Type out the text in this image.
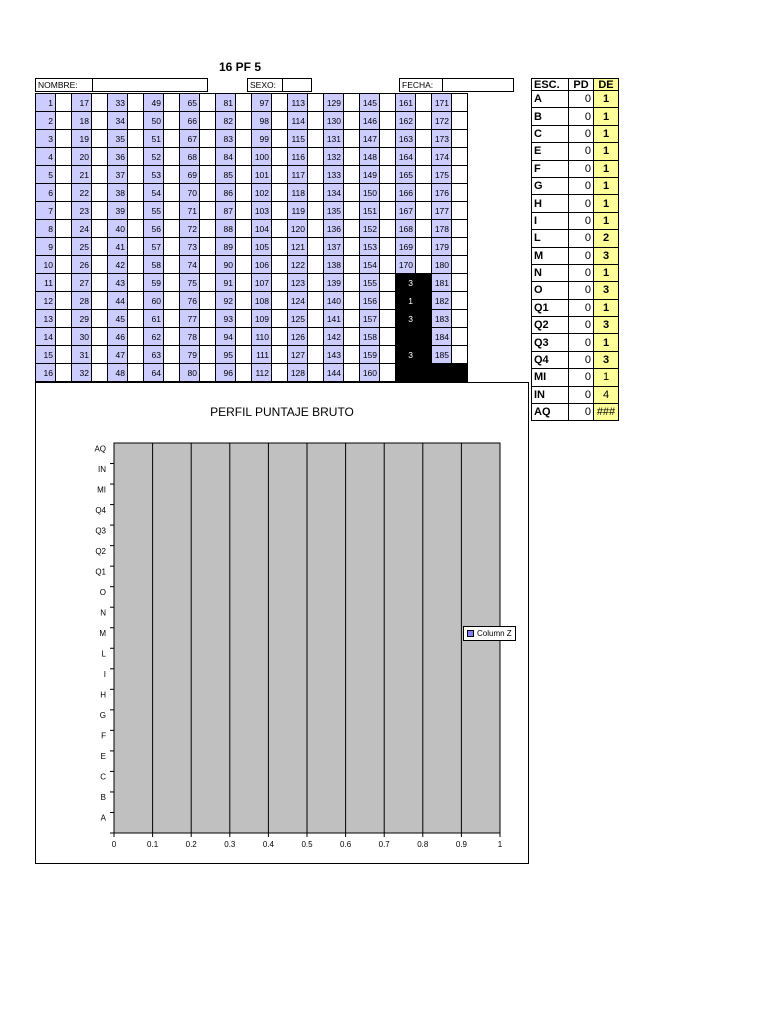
16 PF 5
NOMBRE:	SEXO:	FECHA:
1		17		33		49		65		81		97		113		129		145		161		171	
2		18		34		50		66		82		98		114		130		146		162		172	
3		19		35		51		67		83		99		115		131		147		163		173	
4		20		36		52		68		84		100		116		132		148		164		174	
5		21		37		53		69		85		101		117		133		149		165		175	
6		22		38		54		70		86		102		118		134		150		166		176	
7		23		39		55		71		87		103		119		135		151		167		177	
8		24		40		56		72		88		104		120		136		152		168		178	
9		25		41		57		73		89		105		121		137		153		169		179	
10		26		42		58		74		90		106		122		138		154		170		180	
11		27		43		59		75		91		107		123		139		155		3		181	
12		28		44		60		76		92		108		124		140		156		1		182	
13		29		45		61		77		93		109		125		141		157		3		183	
14		30		46		62		78		94		110		126		142		158				184	
15		31		47		63		79		95		111		127		143		159		3		185	
16		32		48		64		80		96		112		128		144		160					
ESC.	PD	DE
A	0	1
B	0	1
C	0	1
E	0	1
F	0	1
G	0	1
H	0	1
I	0	1
L	0	2
M	0	3
N	0	1
O	0	3
Q1	0	1
Q2	0	3
Q3	0	1
Q4	0	3
MI	0	1
IN	0	4
AQ	0	###
PERFIL PUNTAJE BRUTO
0	0.1	0.2	0.3	0.4	0.5	0.6	0.7	0.8	0.9	1
A
B
C
E
F
G
H
I
L
M
N
O
Q1
Q2
Q3
Q4
MI
IN
AQ
Column Z
